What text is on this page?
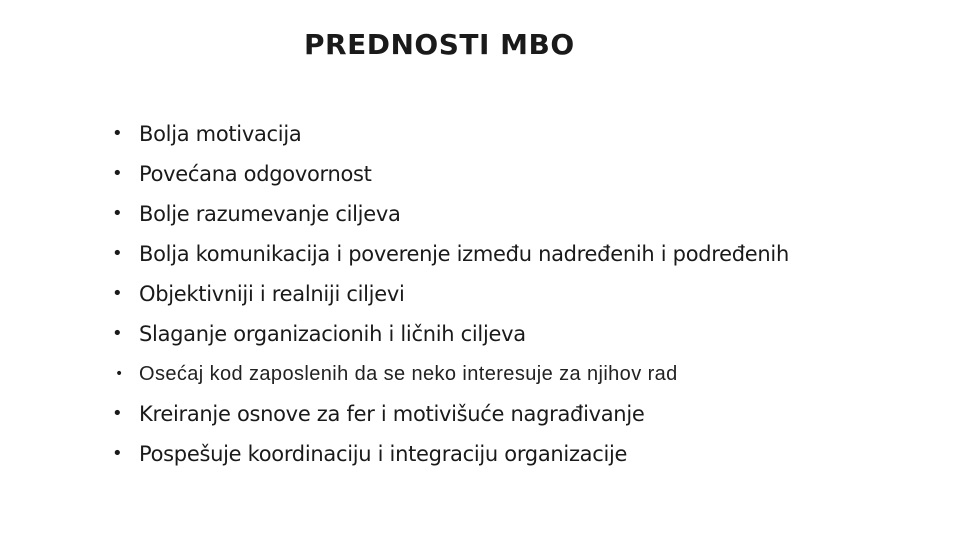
PREDNOSTI MBO
• Bolja motivacija
• Povećana odgovornost
• Bolje razumevanje ciljeva
• Bolja komunikacija i poverenje između nadređenih i podređenih
• Objektivniji i realniji ciljevi
• Slaganje organizacionih i ličnih ciljeva
• Osećaj kod zaposlenih da se neko interesuje za njihov rad
• Kreiranje osnove za fer i motivišuće nagrađivanje
• Pospešuje koordinaciju i integraciju organizacije
